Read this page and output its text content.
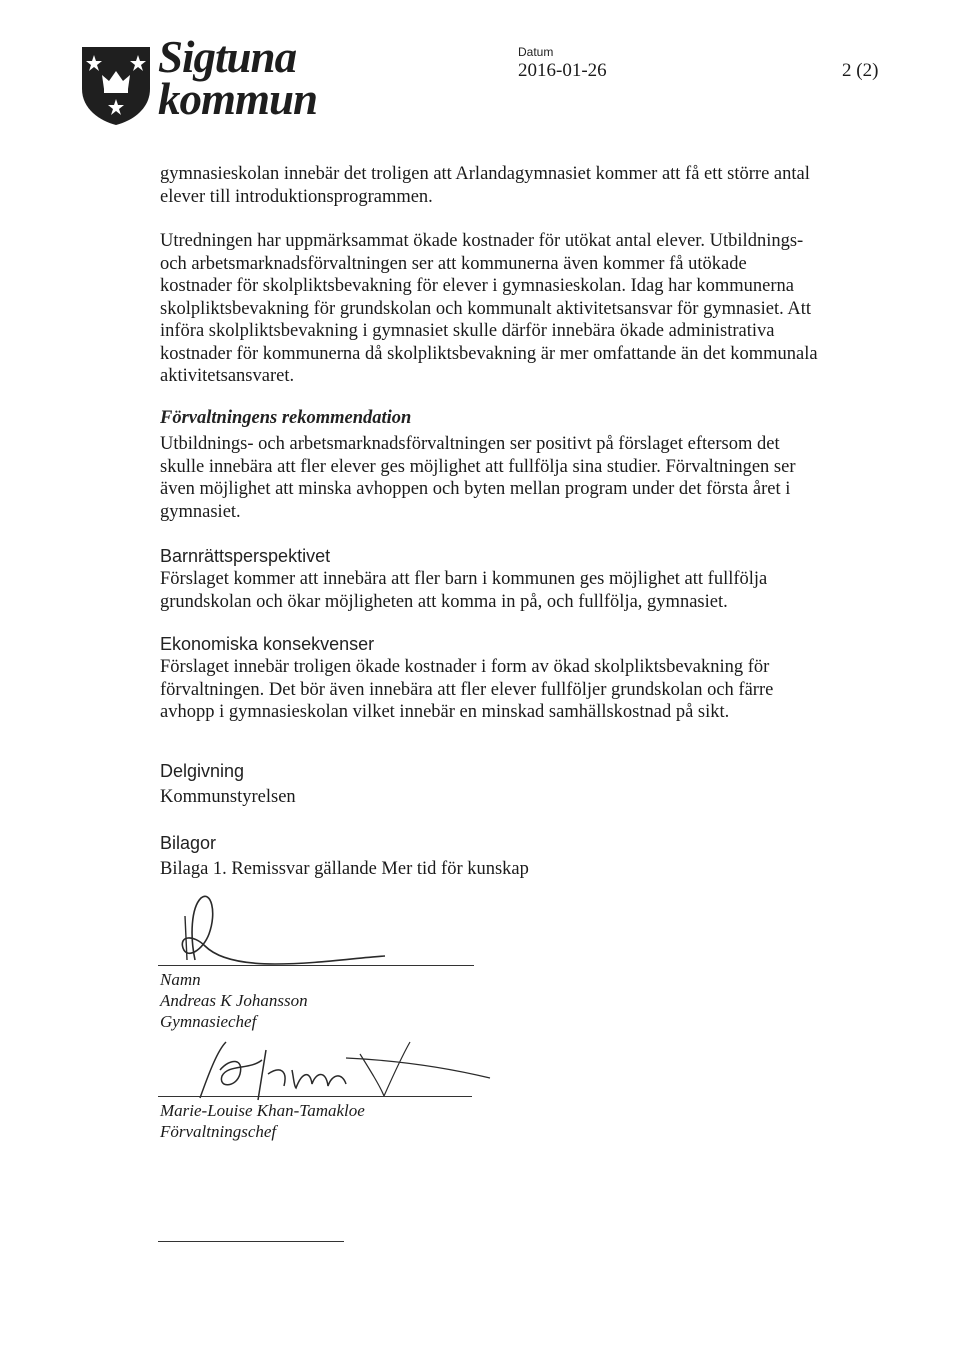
Sigtuna
kommun
Datum
2016-01-26	2 (2)

gymnasieskolan innebär det troligen att Arlandagymnasiet kommer att få ett större antal elever till introduktionsprogrammen.

Utredningen har uppmärksammat ökade kostnader för utökat antal elever. Utbildnings- och arbetsmarknadsförvaltningen ser att kommunerna även kommer få utökade kostnader för skolpliktsbevakning för elever i gymnasieskolan. Idag har kommunerna skolpliktsbevakning för grundskolan och kommunalt aktivitetsansvar för gymnasiet. Att införa skolpliktsbevakning i gymnasiet skulle därför innebära ökade administrativa kostnader för kommunerna då skolpliktsbevakning är mer omfattande än det kommunala aktivitetsansvaret.

Förvaltningens rekommendation

Utbildnings- och arbetsmarknadsförvaltningen ser positivt på förslaget eftersom det skulle innebära att fler elever ges möjlighet att fullfölja sina studier. Förvaltningen ser även möjlighet att minska avhoppen och byten mellan program under det första året i gymnasiet.

Barnrättsperspektivet

Förslaget kommer att innebära att fler barn i kommunen ges möjlighet att fullfölja grundskolan och ökar möjligheten att komma in på, och fullfölja, gymnasiet.

Ekonomiska konsekvenser

Förslaget innebär troligen ökade kostnader i form av ökad skolpliktsbevakning för förvaltningen. Det bör även innebära att fler elever fullföljer grundskolan och färre avhopp i gymnasieskolan vilket innebär en minskad samhällskostnad på sikt.

Delgivning

Kommunstyrelsen

Bilagor

Bilaga 1. Remissvar gällande Mer tid för kunskap
Namn
Andreas K Johansson
Gymnasiechef
Marie-Louise Khan-Tamakloe
Förvaltningschef
